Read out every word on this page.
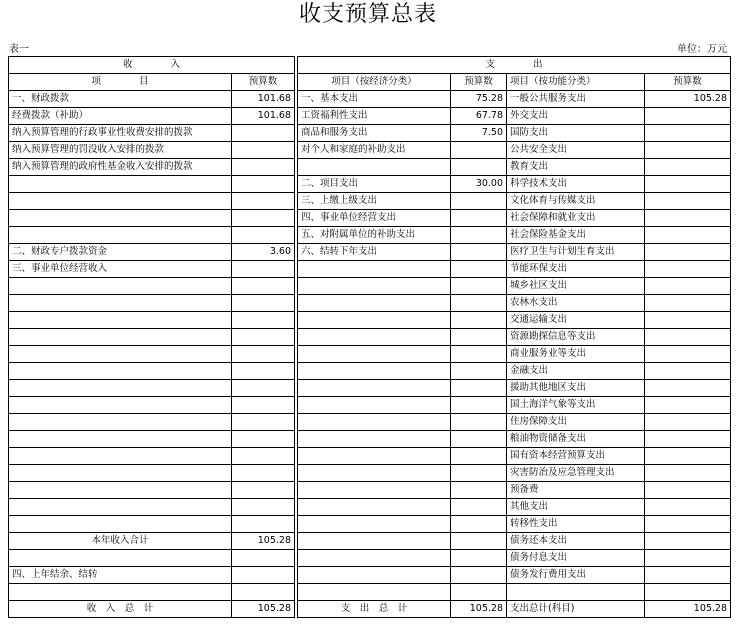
收支预算总表
表一	单位：万元
收　　　　入			支　　　　出			
项　　　　目	预算数		项目（按经济分类）	预算数	项目（按功能分类）	预算数
一、财政拨款	101.68		一、基本支出	75.28	一般公共服务支出	105.28
经费拨款（补助）	101.68		工资福利性支出	67.78	外交支出	
纳入预算管理的行政事业性收费安排的拨款			商品和服务支出	7.50	国防支出	
纳入预算管理的罚没收入安排的拨款			对个人和家庭的补助支出		公共安全支出	
纳入预算管理的政府性基金收入安排的拨款					教育支出	
			二、项目支出	30.00	科学技术支出	
			三、上缴上级支出		文化体育与传媒支出	
			四、事业单位经营支出		社会保障和就业支出	
			五、对附属单位的补助支出		社会保险基金支出	
二、财政专户拨款资金	3.60		六、结转下年支出		医疗卫生与计划生育支出	
三、事业单位经营收入					节能环保支出	
					城乡社区支出	
					农林水支出	
					交通运输支出	
					资源勘探信息等支出	
					商业服务业等支出	
					金融支出	
					援助其他地区支出	
					国土海洋气象等支出	
					住房保障支出	
					粮油物资储备支出	
					国有资本经营预算支出	
					灾害防治及应急管理支出	
					预备费	
					其他支出	
					转移性支出	
本年收入合计	105.28				债务还本支出	
					债务付息支出	
四、上年结余、结转					债务发行费用支出	

收　入　总　计	105.28		支　出　总　计	105.28	支出总计(科目)	105.28
